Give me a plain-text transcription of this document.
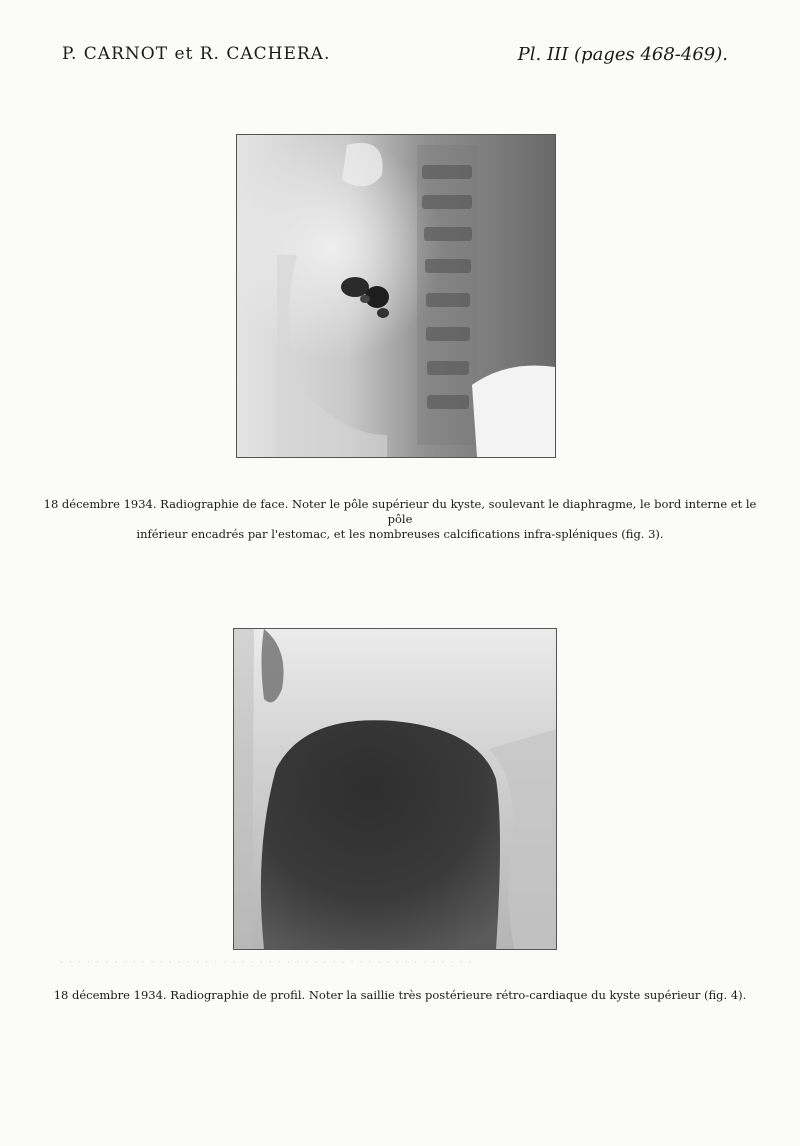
P. CARNOT et R. CACHERA.	Pl. III (pages 468-469).
18 décembre 1934. Radiographie de face. Noter le pôle supérieur du kyste, soulevant le diaphragme, le bord interne et le pôle
inférieur encadrés par l'estomac, et les nombreuses calcifications infra-spléniques (fig. 3).
· · · · · · · · · · · · · · · · · · · · · · · · · · · · · · · · · · · · · · · · · · · · · ·
18 décembre 1934. Radiographie de profil. Noter la saillie très postérieure rétro-cardiaque du kyste supérieur (fig. 4).
